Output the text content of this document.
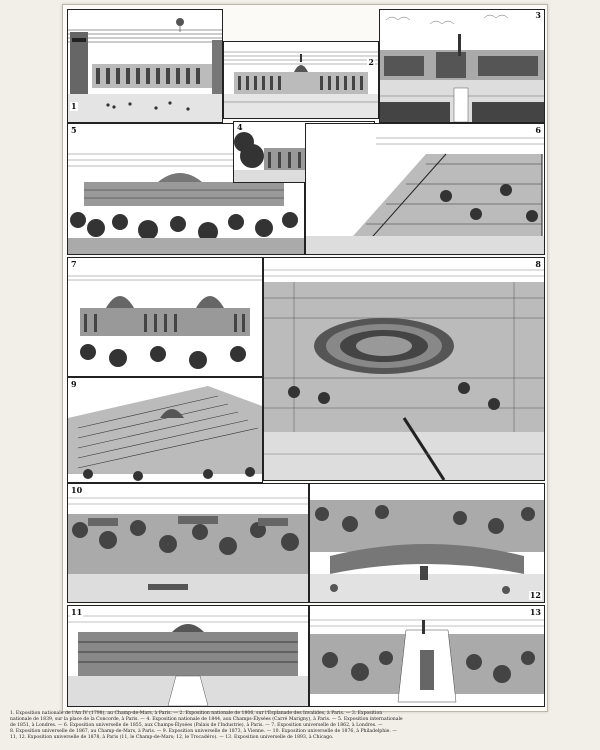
1
2
3
5	4	6
7	8
9
10
12
11	13
1. Exposition nationale de l'An IV (1798), au Champ-de-Mars, à Paris. — 2. Exposition nationale de 1806, sur l'Esplanade des Invalides, à Paris. — 3. Exposition
nationale de 1839, sur la place de la Concorde, à Paris. — 4. Exposition nationale de 1844, aux Champs-Élysées (Carré Marigny), à Paris. — 5. Exposition internationale
de 1851, à Londres. — 6. Exposition universelle de 1855, aux Champs-Élysées (Palais de l'Industrie), à Paris. — 7. Exposition universelle de 1862, à Londres. —
8. Exposition universelle de 1867, au Champ-de-Mars, à Paris. — 9. Exposition universelle de 1873, à Vienne. — 10. Exposition universelle de 1876, à Philadelphie. —
11, 12. Exposition universelle de 1878, à Paris (11, le Champ-de-Mars; 12, le Trocadéro). — 13. Exposition universelle de 1893, à Chicago.
